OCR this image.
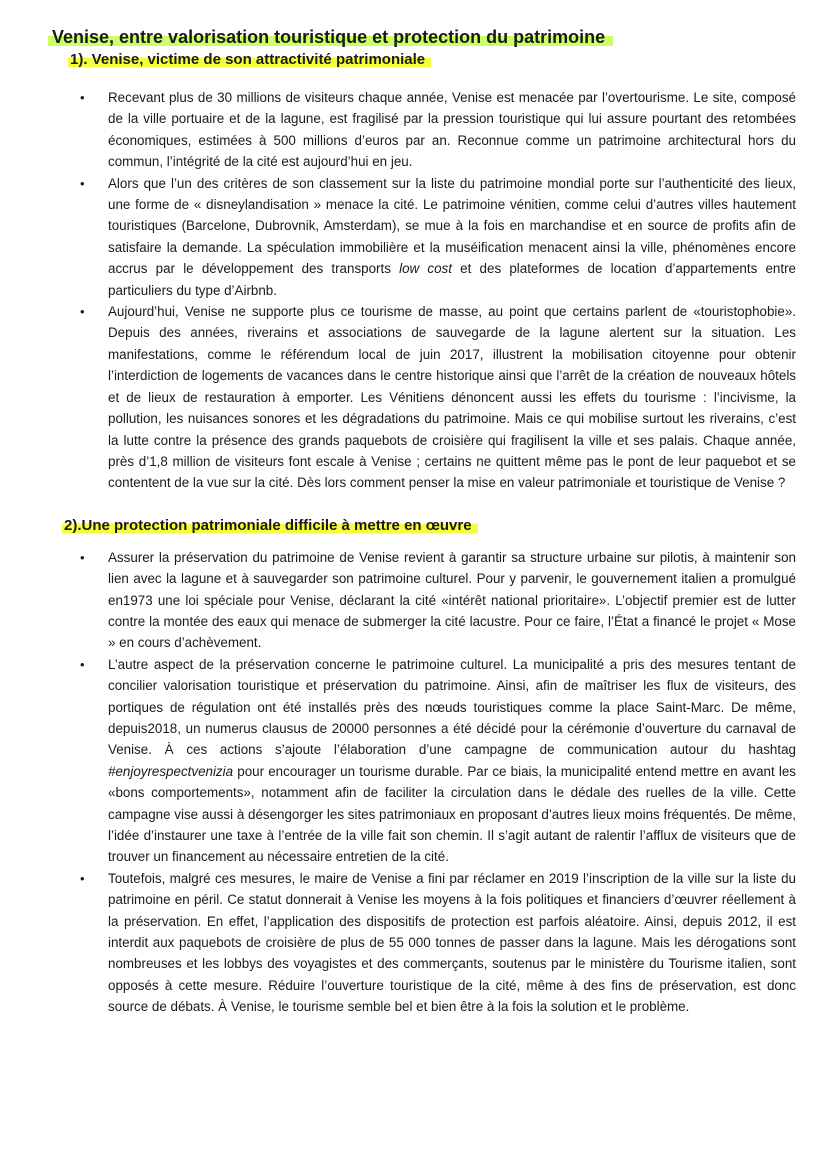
Venise, entre valorisation touristique et protection du patrimoine
1). Venise, victime de son attractivité patrimoniale
• Recevant plus de 30 millions de visiteurs chaque année, Venise est menacée par l’overtourisme. Le site, composé de la ville portuaire et de la lagune, est fragilisé par la pression touristique qui lui assure pourtant des retombées économiques, estimées à 500 millions d’euros par an. Reconnue comme un patrimoine architectural hors du commun, l’intégrité de la cité est aujourd’hui en jeu.
• Alors que l’un des critères de son classement sur la liste du patrimoine mondial porte sur l’authenticité des lieux, une forme de « disneylandisation » menace la cité. Le patrimoine vénitien, comme celui d’autres villes hautement touristiques (Barcelone, Dubrovnik, Amsterdam), se mue à la fois en marchandise et en source de profits afin de satisfaire la demande. La spéculation immobilière et la muséification menacent ainsi la ville, phénomènes encore accrus par le développement des transports low cost et des plateformes de location d’appartements entre particuliers du type d’Airbnb.
• Aujourd’hui, Venise ne supporte plus ce tourisme de masse, au point que certains parlent de «touristophobie». Depuis des années, riverains et associations de sauvegarde de la lagune alertent sur la situation. Les manifestations, comme le référendum local de juin 2017, illustrent la mobilisation citoyenne pour obtenir l’interdiction de logements de vacances dans le centre historique ainsi que l’arrêt de la création de nouveaux hôtels et de lieux de restauration à emporter. Les Vénitiens dénoncent aussi les effets du tourisme : l’incivisme, la pollution, les nuisances sonores et les dégradations du patrimoine. Mais ce qui mobilise surtout les riverains, c’est la lutte contre la présence des grands paquebots de croisière qui fragilisent la ville et ses palais. Chaque année, près d’1,8 million de visiteurs font escale à Venise ; certains ne quittent même pas le pont de leur paquebot et se contentent de la vue sur la cité. Dès lors comment penser la mise en valeur patrimoniale et touristique de Venise ?
2).Une protection patrimoniale difficile à mettre en œuvre
• Assurer la préservation du patrimoine de Venise revient à garantir sa structure urbaine sur pilotis, à maintenir son lien avec la lagune et à sauvegarder son patrimoine culturel. Pour y parvenir, le gouvernement italien a promulgué en1973 une loi spéciale pour Venise, déclarant la cité «intérêt national prioritaire». L’objectif premier est de lutter contre la montée des eaux qui menace de submerger la cité lacustre. Pour ce faire, l’État a financé le projet « Mose » en cours d’achèvement.
• L’autre aspect de la préservation concerne le patrimoine culturel. La municipalité a pris des mesures tentant de concilier valorisation touristique et préservation du patrimoine. Ainsi, afin de maîtriser les flux de visiteurs, des portiques de régulation ont été installés près des nœuds touristiques comme la place Saint-Marc. De même, depuis2018, un numerus clausus de 20000 personnes a été décidé pour la cérémonie d’ouverture du carnaval de Venise. À ces actions s’ajoute l’élaboration d’une campagne de communication autour du hashtag #enjoyrespectvenizia pour encourager un tourisme durable. Par ce biais, la municipalité entend mettre en avant les «bons comportements», notamment afin de faciliter la circulation dans le dédale des ruelles de la ville. Cette campagne vise aussi à désengorger les sites patrimoniaux en proposant d’autres lieux moins fréquentés. De même, l’idée d’instaurer une taxe à l’entrée de la ville fait son chemin. Il s’agit autant de ralentir l’afflux de visiteurs que de trouver un financement au nécessaire entretien de la cité.
• Toutefois, malgré ces mesures, le maire de Venise a fini par réclamer en 2019 l’inscription de la ville sur la liste du patrimoine en péril. Ce statut donnerait à Venise les moyens à la fois politiques et financiers d’œuvrer réellement à la préservation. En effet, l’application des dispositifs de protection est parfois aléatoire. Ainsi, depuis 2012, il est interdit aux paquebots de croisière de plus de 55 000 tonnes de passer dans la lagune. Mais les dérogations sont nombreuses et les lobbys des voyagistes et des commerçants, soutenus par le ministère du Tourisme italien, sont opposés à cette mesure. Réduire l’ouverture touristique de la cité, même à des fins de préservation, est donc source de débats. À Venise, le tourisme semble bel et bien être à la fois la solution et le problème.
